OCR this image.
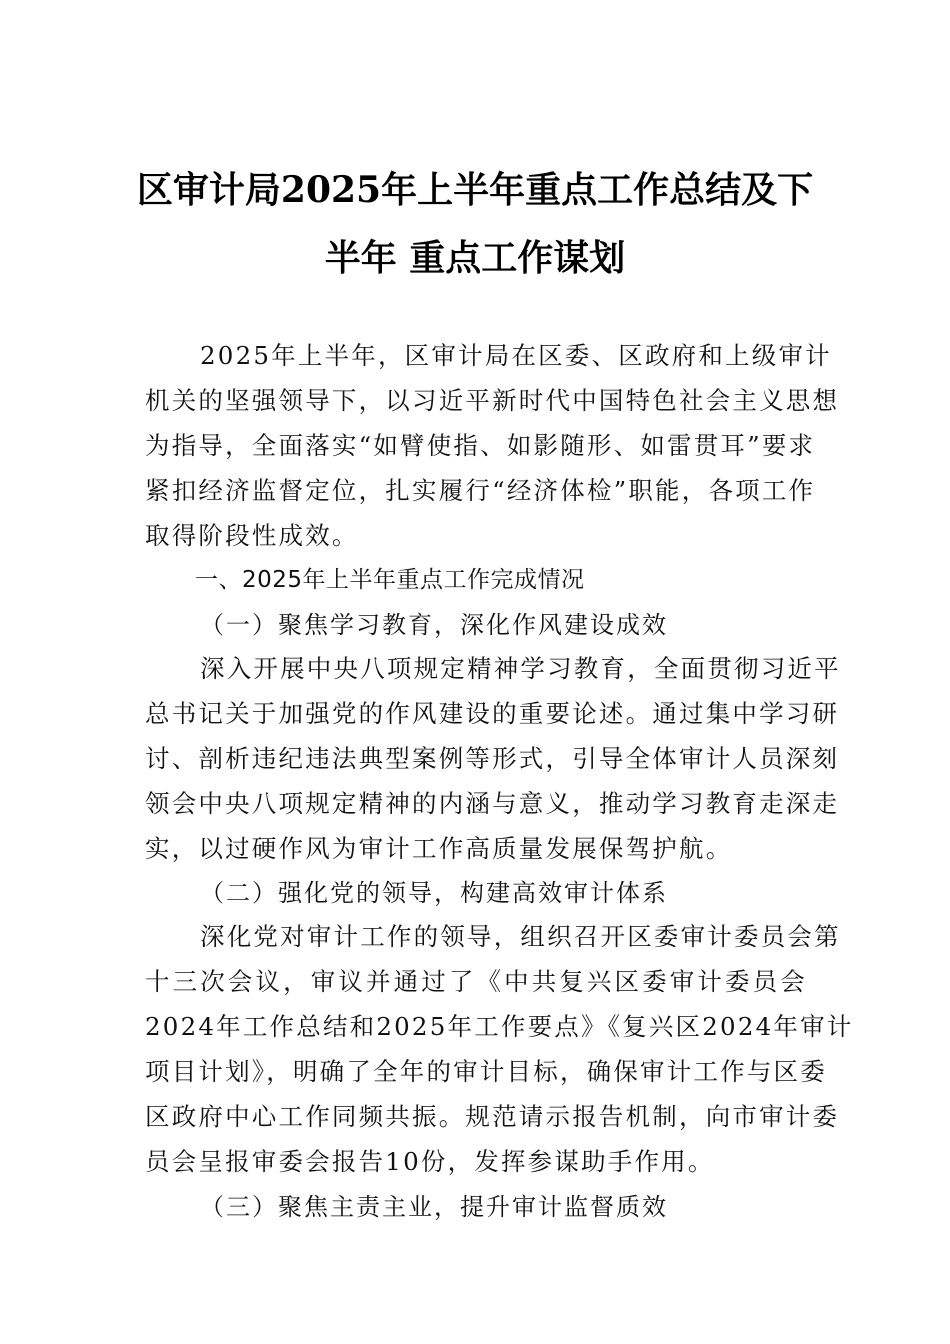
区审计局2025年上半年重点工作总结及下
半年 重点工作谋划
2025年上半年，区审计局在区委、区政府和上级审计
机关的坚强领导下，以习近平新时代中国特色社会主义思想
为指导，全面落实“如臂使指、如影随形、如雷贯耳”要求
紧扣经济监督定位，扎实履行“经济体检”职能，各项工作
取得阶段性成效。
一、2025年上半年重点工作完成情况
（一）聚焦学习教育，深化作风建设成效
深入开展中央八项规定精神学习教育，全面贯彻习近平
总书记关于加强党的作风建设的重要论述。通过集中学习研
讨、剖析违纪违法典型案例等形式，引导全体审计人员深刻
领会中央八项规定精神的内涵与意义，推动学习教育走深走
实，以过硬作风为审计工作高质量发展保驾护航。
（二）强化党的领导，构建高效审计体系
深化党对审计工作的领导，组织召开区委审计委员会第
十三次会议，审议并通过了《中共复兴区委审计委员会
2024年工作总结和2025年工作要点》《复兴区2024年审计
项目计划》，明确了全年的审计目标，确保审计工作与区委
区政府中心工作同频共振。规范请示报告机制，向市审计委
员会呈报审委会报告10份，发挥参谋助手作用。
（三）聚焦主责主业，提升审计监督质效
